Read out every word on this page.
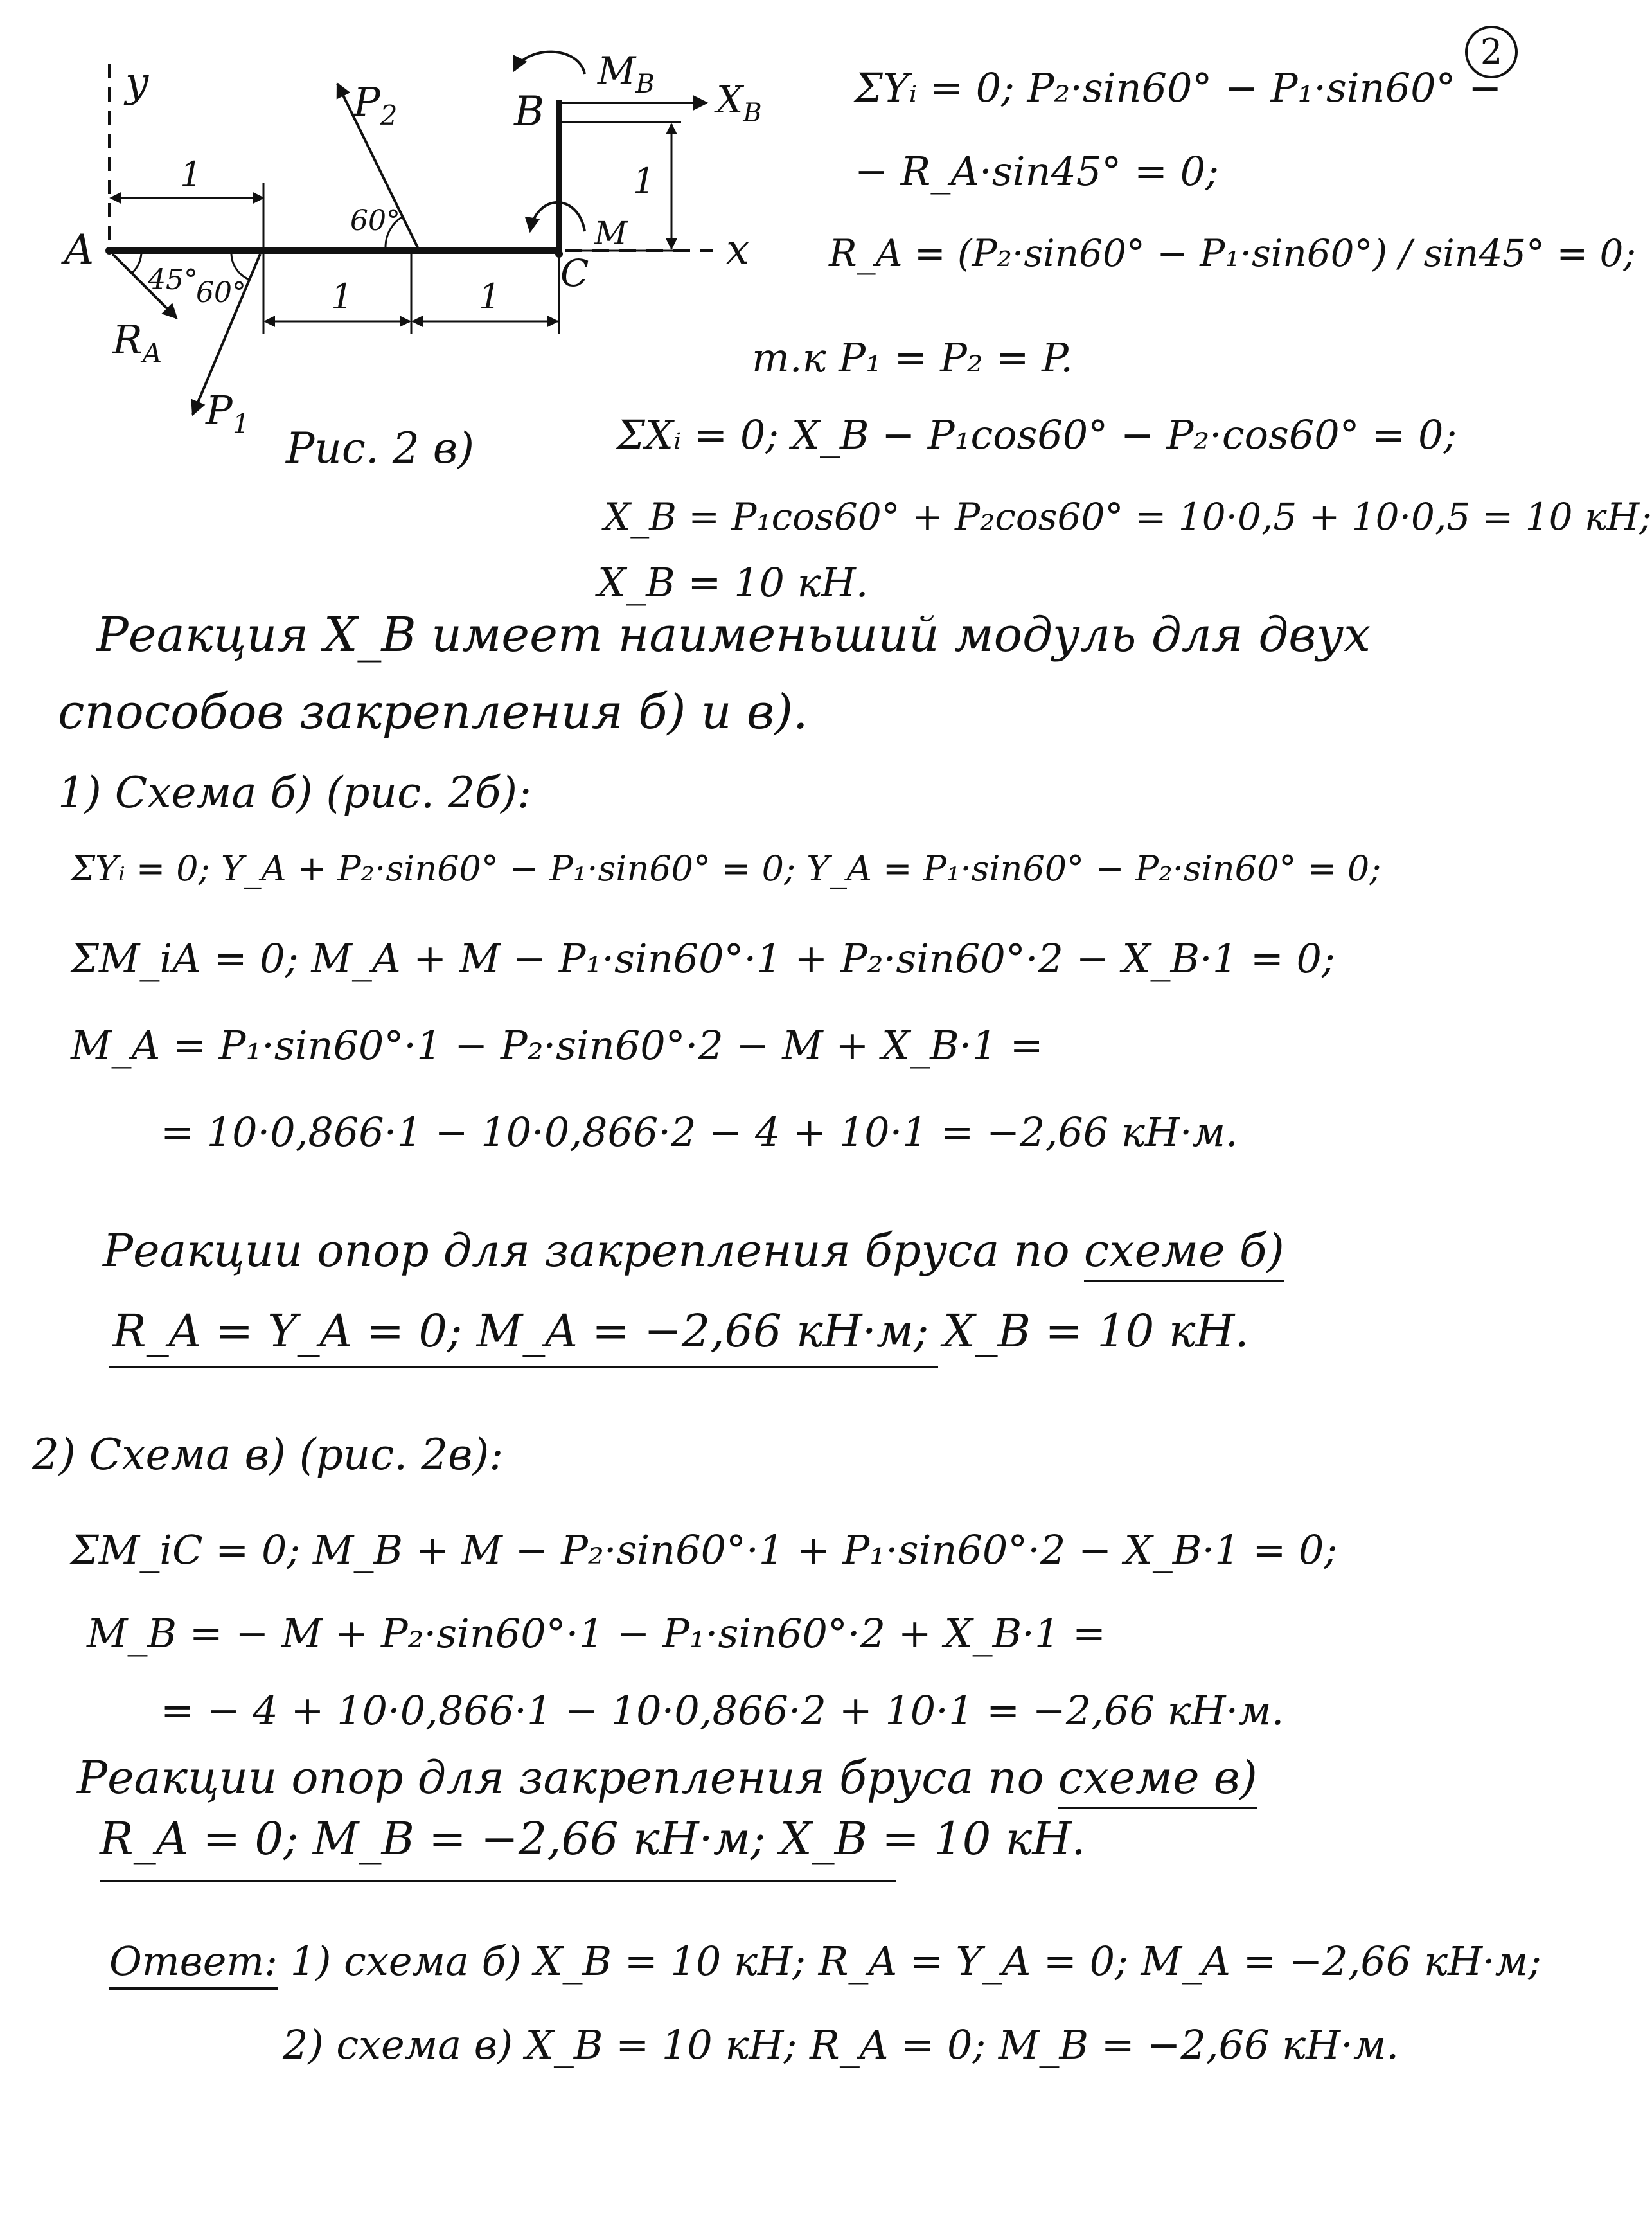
2
y
x
A
B
C
1
1	1
1
$P_2$
60°
$P_1$
60°
$R_A$
45°
$M_B$ $X_B$
M
Рис. 2 в)
ΣYᵢ = 0; P₂·sin60° − P₁·sin60° −
− R_A·sin45° = 0;
R_A = (P₂·sin60° − P₁·sin60°) / sin45° = 0;
т.к P₁ = P₂ = P.
ΣXᵢ = 0; X_B − P₁cos60° − P₂·cos60° = 0;
X_B = P₁cos60° + P₂cos60° = 10·0,5 + 10·0,5 = 10 кН;
X_B = 10 кН.
Реакция X_B имеет наименьший модуль для двух
способов закрепления б) и в).
1) Схема б) (рис. 2б):
ΣYᵢ = 0; Y_A + P₂·sin60° − P₁·sin60° = 0; Y_A = P₁·sin60° − P₂·sin60° = 0;
ΣM_iA = 0; M_A + M − P₁·sin60°·1 + P₂·sin60°·2 − X_B·1 = 0;
M_A = P₁·sin60°·1 − P₂·sin60°·2 − M + X_B·1 =
= 10·0,866·1 − 10·0,866·2 − 4 + 10·1 = −2,66 кН·м.
Реакции опор для закрепления бруса по схеме б)
R_A = Y_A = 0; M_A = −2,66 кН·м; X_B = 10 кН.
2) Схема в) (рис. 2в):
ΣM_iC = 0; M_B + M − P₂·sin60°·1 + P₁·sin60°·2 − X_B·1 = 0;
M_B = − M + P₂·sin60°·1 − P₁·sin60°·2 + X_B·1 =
= − 4 + 10·0,866·1 − 10·0,866·2 + 10·1 = −2,66 кН·м.
Реакции опор для закрепления бруса по схеме в)
R_A = 0; M_B = −2,66 кН·м; X_B = 10 кН.
Ответ: 1) схема б) X_B = 10 кН; R_A = Y_A = 0; M_A = −2,66 кН·м;
2) схема в) X_B = 10 кН; R_A = 0; M_B = −2,66 кН·м.
